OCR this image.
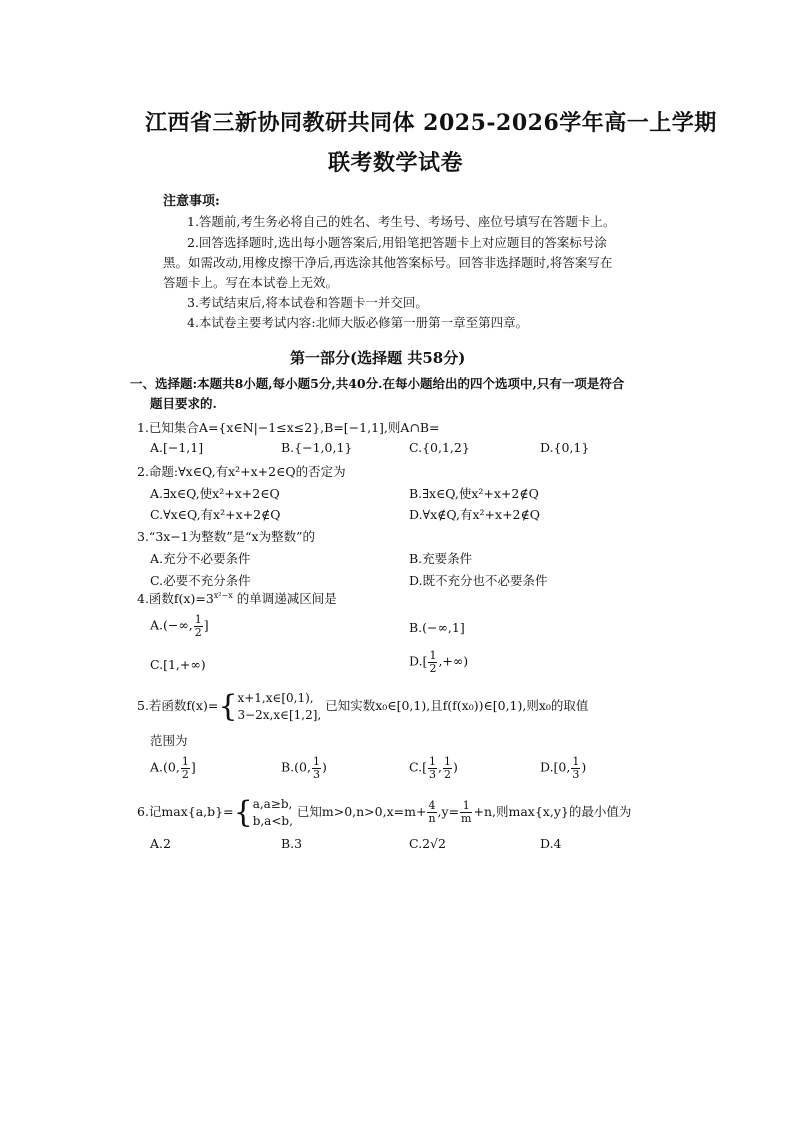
江西省三新协同教研共同体 2025-2026学年高一上学期
联考数学试卷
注意事项:
1.答题前,考生务必将自己的姓名、考生号、考场号、座位号填写在答题卡上。
2.回答选择题时,选出每小题答案后,用铅笔把答题卡上对应题目的答案标号涂
黑。如需改动,用橡皮擦干净后,再选涂其他答案标号。回答非选择题时,将答案写在
答题卡上。写在本试卷上无效。
3.考试结束后,将本试卷和答题卡一并交回。
4.本试卷主要考试内容:北师大版必修第一册第一章至第四章。
第一部分(选择题 共58分)
一、选择题:本题共8小题,每小题5分,共40分.在每小题给出的四个选项中,只有一项是符合
题目要求的.
1.已知集合A={x∈N|−1≤x≤2},B=[−1,1],则A∩B=
A.[−1,1]	B.{−1,0,1}	C.{0,1,2}	D.{0,1}
2.命题:∀x∈Q,有x²+x+2∈Q的否定为
A.∃x∈Q,使x²+x+2∈Q	B.∃x∈Q,使x²+x+2∉Q
C.∀x∈Q,有x²+x+2∉Q	D.∀x∉Q,有x²+x+2∉Q
3.“3x−1为整数”是“x为整数”的
A.充分不必要条件	B.充要条件
C.必要不充分条件	D.既不充分也不必要条件
4.函数$f(x)=3^{x^2-x}$ 的单调递减区间是
A.(−∞, $\frac{1}{2}$ ]	B.(−∞,1]
C.[1,+∞)	$D.[ \frac{1}{2}$ ,+∞)
5.若函数f(x)={ x+1,x∈[0,1),
3−2x,x∈[1,2],
已知实数x₀∈[0,1),且f(f(x₀))∈[0,1),则x₀的取值
范围为
A.(0, $\frac{1}{2}$ ]	B.(0, $\frac{1}{3}$ )	$C.[ \frac{1}{3}$ , $\frac{1}{2}$ )	D.[0, $\frac{1}{3}$ )
6.记max{a,b}={ a,a≥b,
b,a<b,
已知$m>0,n>0,x=m+ \frac{4}{n} ,y= \frac{1}{m} +n$,则max{x,y}的最小值为
A.2	B.3	C.2√2	D.4
